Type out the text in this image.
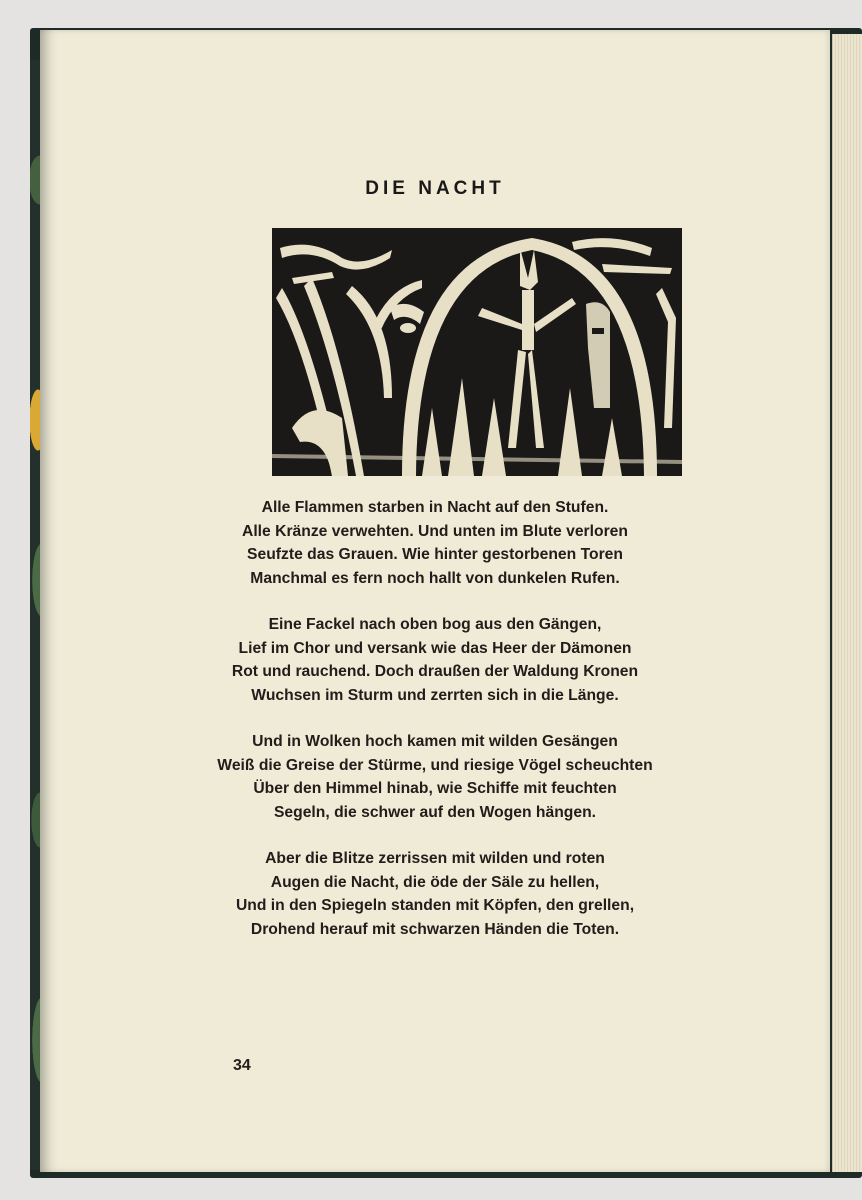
DIE NACHT
Alle Flammen starben in Nacht auf den Stufen.
Alle Kränze verwehten. Und unten im Blute verloren
Seufzte das Grauen. Wie hinter gestorbenen Toren
Manchmal es fern noch hallt von dunkelen Rufen.
Eine Fackel nach oben bog aus den Gängen,
Lief im Chor und versank wie das Heer der Dämonen
Rot und rauchend. Doch draußen der Waldung Kronen
Wuchsen im Sturm und zerrten sich in die Länge.
Und in Wolken hoch kamen mit wilden Gesängen
Weiß die Greise der Stürme, und riesige Vögel scheuchten
Über den Himmel hinab, wie Schiffe mit feuchten
Segeln, die schwer auf den Wogen hängen.
Aber die Blitze zerrissen mit wilden und roten
Augen die Nacht, die öde der Säle zu hellen,
Und in den Spiegeln standen mit Köpfen, den grellen,
Drohend herauf mit schwarzen Händen die Toten.
34
